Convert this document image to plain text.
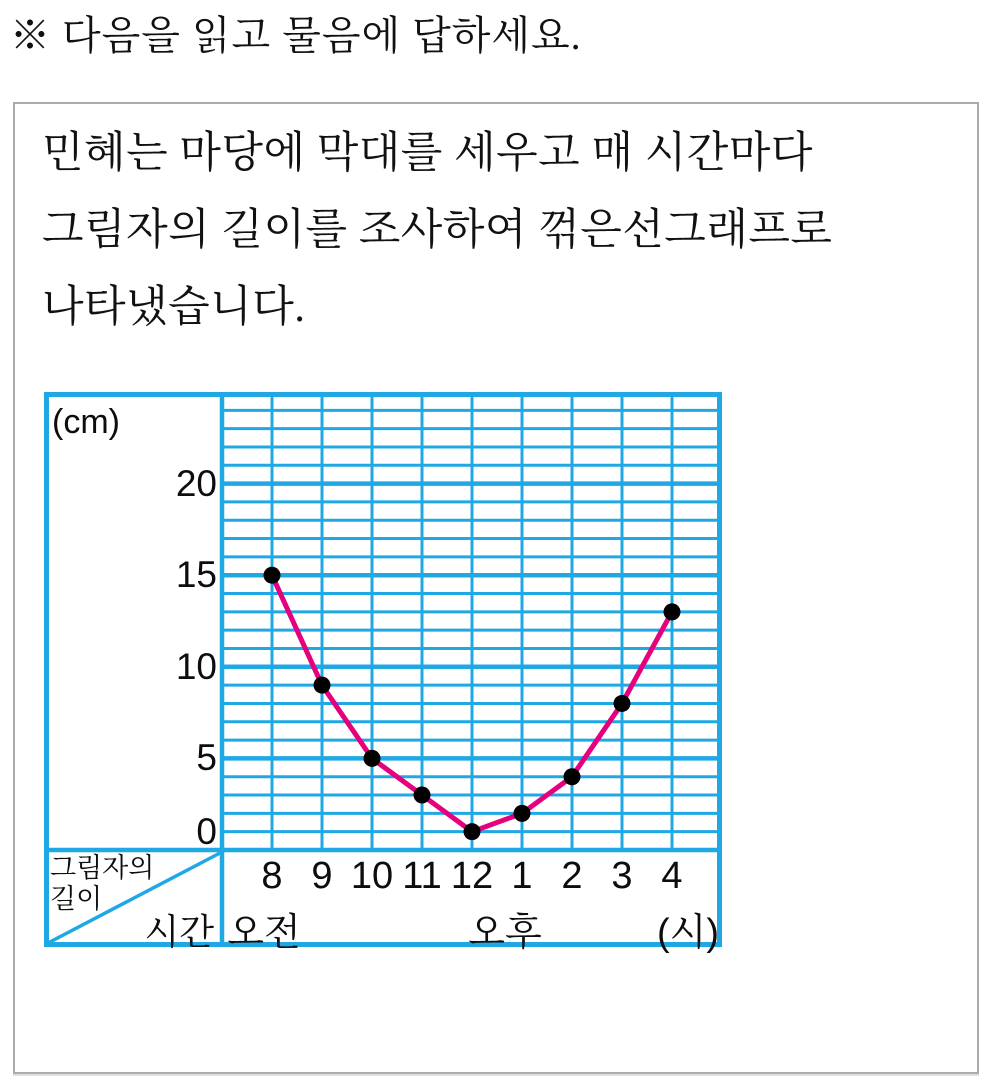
※ 다음을 읽고 물음에 답하세요.

민혜는 마당에 막대를 세우고 매 시간마다

그림자의 길이를 조사하여 꺾은선그래프로

나타냈습니다.

(cm)
20
15
10
5
0
8 9 10 11 12 1 2 3 4
오전	오후	(시)
그림자의
길이
시간
